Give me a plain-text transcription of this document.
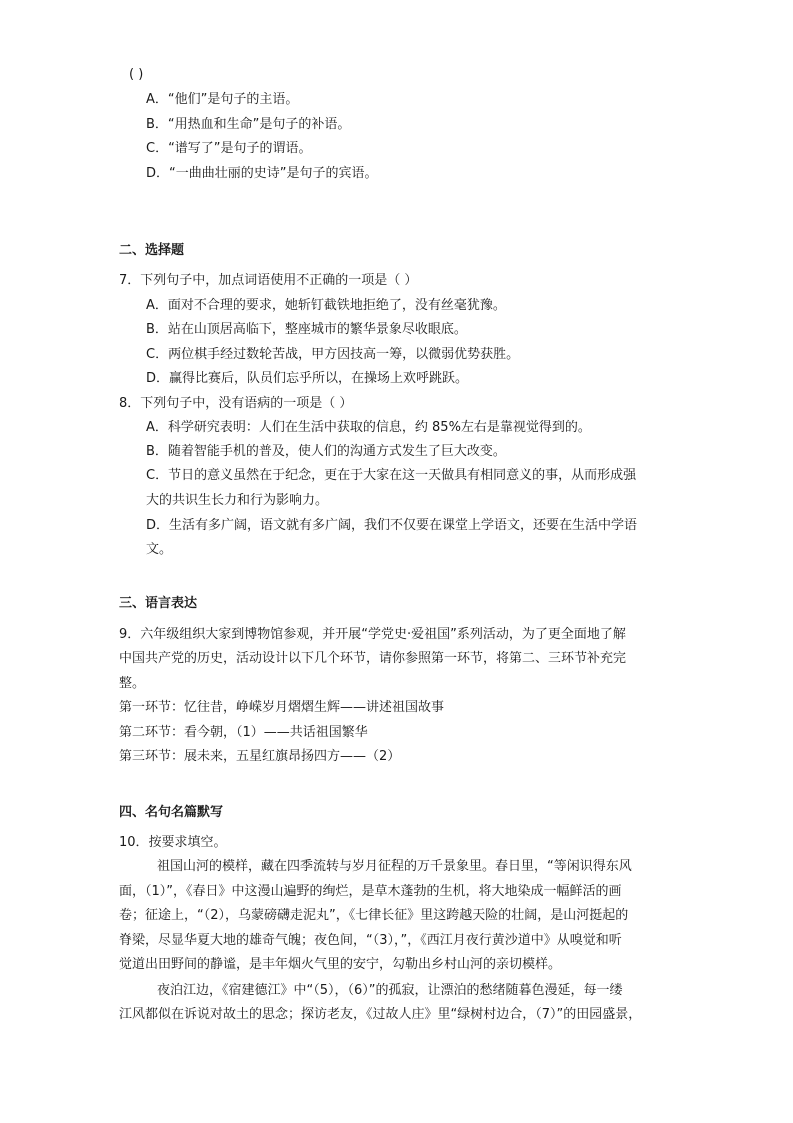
( )
A．“他们”是句子的主语。
B．“用热血和生命”是句子的补语。
C．“谱写了”是句子的谓语。
D．“一曲曲壮丽的史诗”是句子的宾语。
二、选择题
7．下列句子中，加点词语使用不正确的一项是（ ）
A．面对不合理的要求，她斩钉截铁地拒绝了，没有丝毫犹豫。
B．站在山顶居高临下，整座城市的繁华景象尽收眼底。
C．两位棋手经过数轮苦战，甲方因技高一筹，以微弱优势获胜。
D．赢得比赛后，队员们忘乎所以，在操场上欢呼跳跃。
8．下列句子中，没有语病的一项是（ ）
A．科学研究表明：人们在生活中获取的信息，约 85%左右是靠视觉得到的。
B．随着智能手机的普及，使人们的沟通方式发生了巨大改变。
C．节日的意义虽然在于纪念，更在于大家在这一天做具有相同意义的事，从而形成强
大的共识生长力和行为影响力。
D．生活有多广阔，语文就有多广阔，我们不仅要在课堂上学语文，还要在生活中学语
文。
三、语言表达
9．六年级组织大家到博物馆参观，并开展“学党史·爱祖国”系列活动，为了更全面地了解
中国共产党的历史，活动设计以下几个环节，请你参照第一环节，将第二、三环节补充完
整。
第一环节：忆往昔，峥嵘岁月熠熠生辉——讲述祖国故事
第二环节：看今朝，（1）——共话祖国繁华
第三环节：展未来，五星红旗昂扬四方——（2）
四、名句名篇默写
10．按要求填空。
祖国山河的模样，藏在四季流转与岁月征程的万千景象里。春日里，“等闲识得东风
面，（1）”，《春日》中这漫山遍野的绚烂，是草木蓬勃的生机，将大地染成一幅鲜活的画
卷；征途上，“（2），乌蒙磅礴走泥丸”，《七律长征》里这跨越天险的壮阔，是山河挺起的
脊梁，尽显华夏大地的雄奇气魄；夜色间，“（3），”，《西江月夜行黄沙道中》从嗅觉和听
觉道出田野间的静谧，是丰年烟火气里的安宁，勾勒出乡村山河的亲切模样。
夜泊江边，《宿建德江》中“（5），（6）”的孤寂，让漂泊的愁绪随暮色漫延，每一缕
江风都似在诉说对故土的思念；探访老友，《过故人庄》里“绿树村边合，（7）”的田园盛景，
